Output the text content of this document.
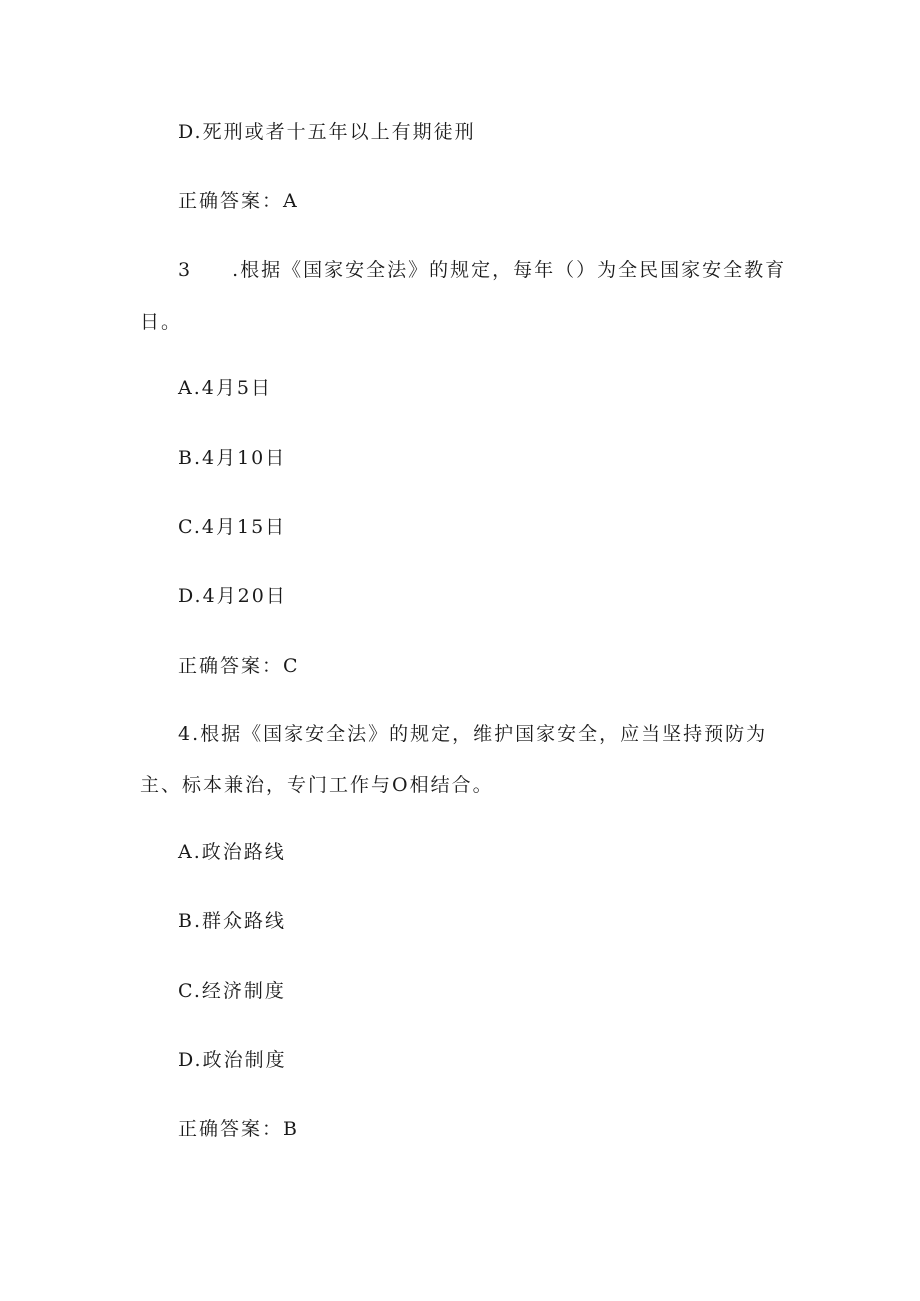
D.死刑或者十五年以上有期徒刑
正确答案：A
3 .根据《国家安全法》的规定，每年（）为全民国家安全教育
日。
A.4月5日
B.4月10日
C.4月15日
D.4月20日
正确答案：C
4.根据《国家安全法》的规定，维护国家安全，应当坚持预防为
主、标本兼治，专门工作与O相结合。
A.政治路线
B.群众路线
C.经济制度
D.政治制度
正确答案：B
